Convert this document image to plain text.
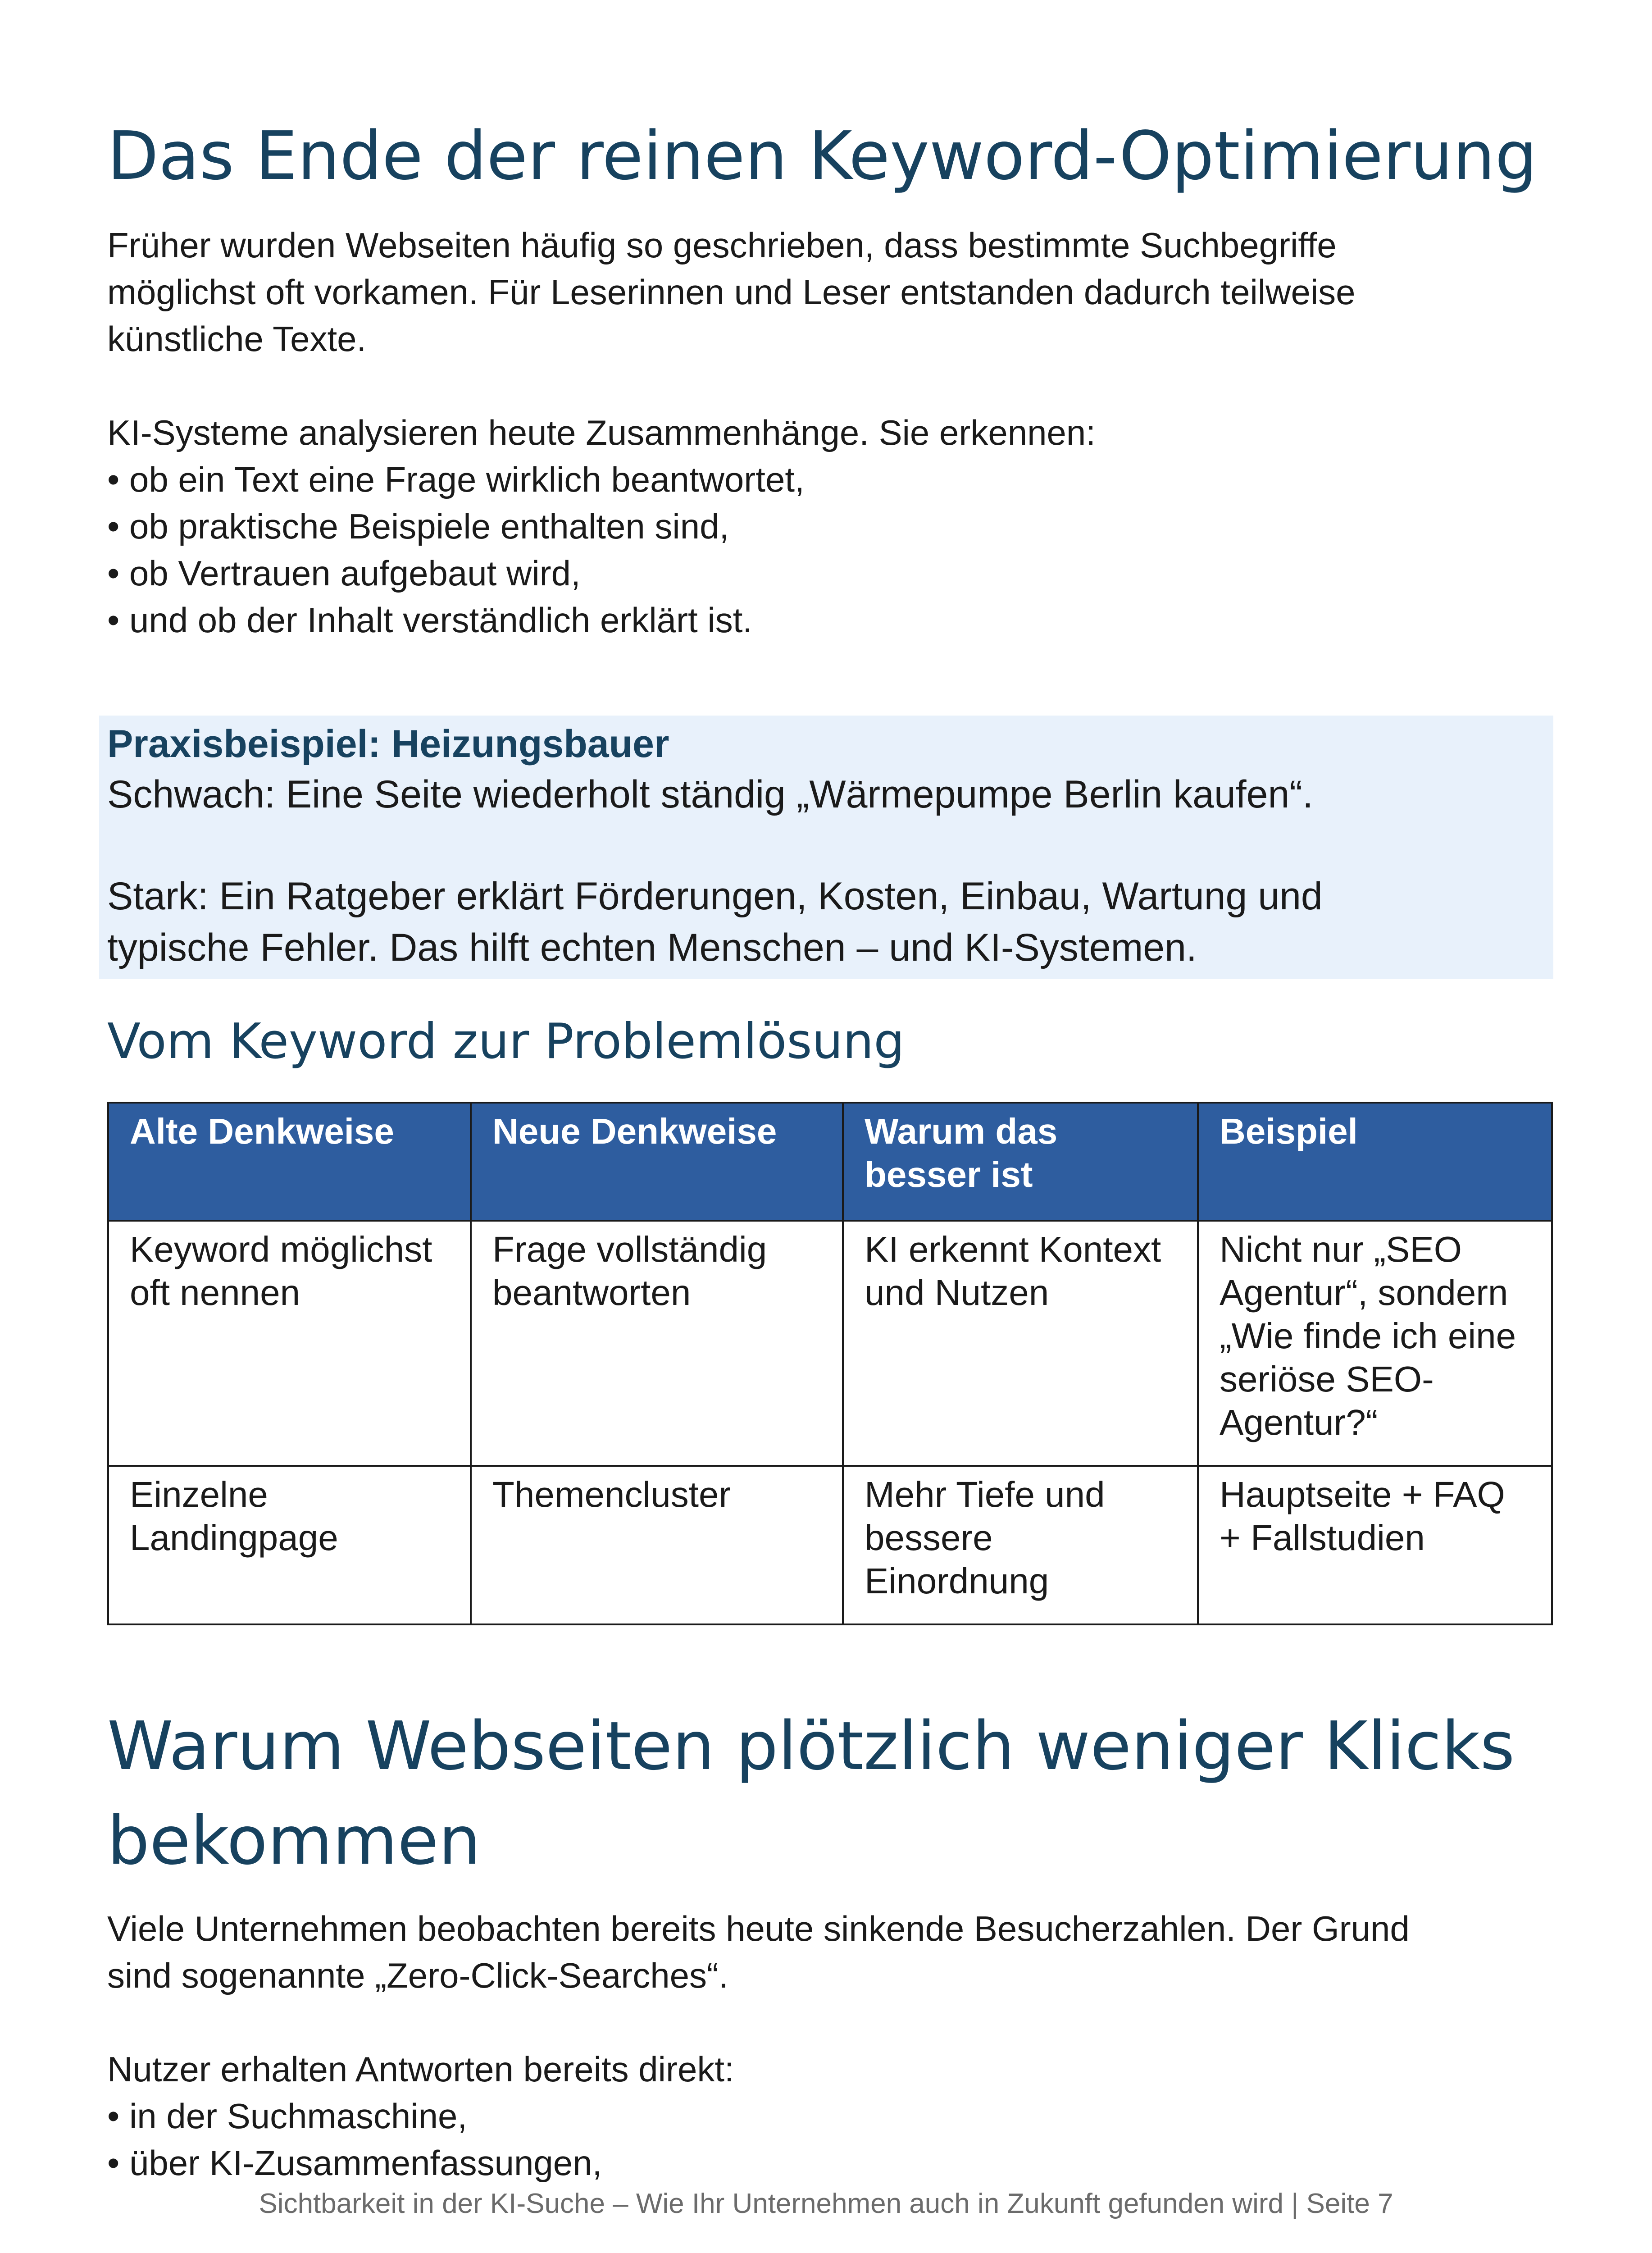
Das Ende der reinen Keyword-Optimierung
Früher wurden Webseiten häufig so geschrieben, dass bestimmte Suchbegriffe
möglichst oft vorkamen. Für Leserinnen und Leser entstanden dadurch teilweise
künstliche Texte.
KI-Systeme analysieren heute Zusammenhänge. Sie erkennen:
• ob ein Text eine Frage wirklich beantwortet,
• ob praktische Beispiele enthalten sind,
• ob Vertrauen aufgebaut wird,
• und ob der Inhalt verständlich erklärt ist.
Praxisbeispiel: Heizungsbauer
Schwach: Eine Seite wiederholt ständig „Wärmepumpe Berlin kaufen“.
Stark: Ein Ratgeber erklärt Förderungen, Kosten, Einbau, Wartung und
typische Fehler. Das hilft echten Menschen – und KI-Systemen.
Vom Keyword zur Problemlösung
Alte Denkweise	Neue Denkweise	Warum das besser ist	Beispiel
Keyword möglichst oft nennen	Frage vollständig beantworten	KI erkennt Kontext und Nutzen	Nicht nur „SEO Agentur“, sondern „Wie finde ich eine seriöse SEO-Agentur?“
Einzelne Landingpage	Themencluster	Mehr Tiefe und bessere Einordnung	Hauptseite + FAQ + Fallstudien
Warum Webseiten plötzlich weniger Klicks bekommen
Viele Unternehmen beobachten bereits heute sinkende Besucherzahlen. Der Grund
sind sogenannte „Zero-Click-Searches“.
Nutzer erhalten Antworten bereits direkt:
• in der Suchmaschine,
• über KI-Zusammenfassungen,
Sichtbarkeit in der KI-Suche – Wie Ihr Unternehmen auch in Zukunft gefunden wird | Seite 7
